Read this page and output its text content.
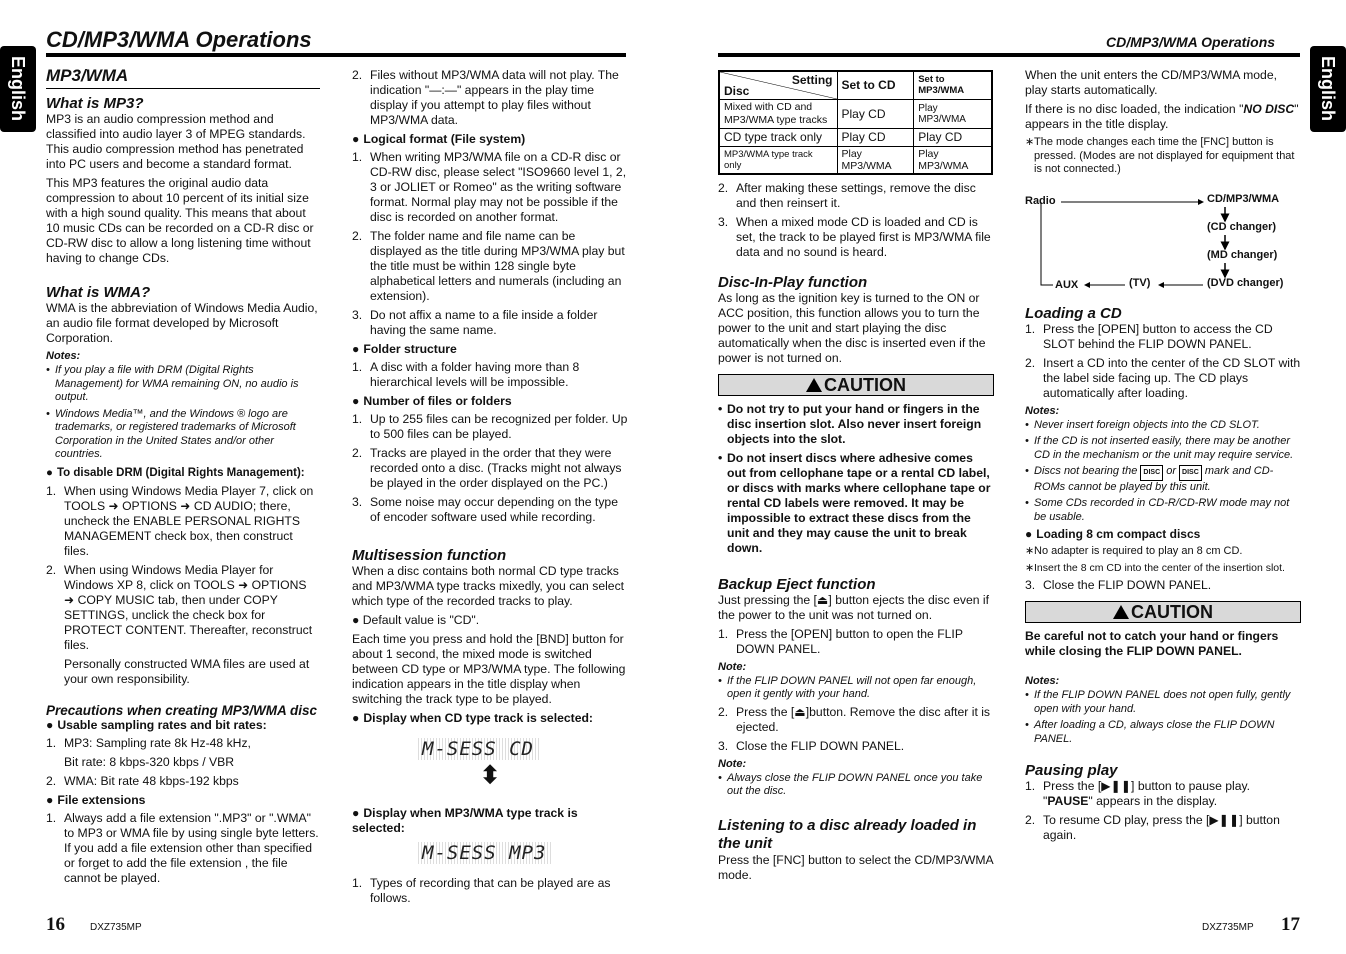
English	English
CD/MP3/WMA Operations	CD/MP3/WMA Operations
MP3/WMA
What is MP3?

MP3 is an audio compression method and classified into audio layer 3 of MPEG standards. This audio compression method has penetrated into PC users and become a standard format.

This MP3 features the original audio data compression to about 10 percent of its initial size with a high sound quality. This means that about 10 music CDs can be recorded on a CD-R disc or CD-RW disc to allow a long listening time without having to change CDs.

What is WMA?

WMA is the abbreviation of Windows Media Audio, an audio file format developed by Microsoft Corporation.

Notes:
• If you play a file with DRM (Digital Rights Management) for WMA remaining ON, no audio is output.
• Windows Media™, and the Windows ® logo are trademarks, or registered trademarks of Microsoft Corporation in the United States and/or other countries.
● To disable DRM (Digital Rights Management):
1. When using Windows Media Player 7, click on TOOLS ➜ OPTIONS ➜ CD AUDIO; there, uncheck the ENABLE PERSONAL RIGHTS MANAGEMENT check box, then construct files.
2. When using Windows Media Player for Windows XP 8, click on TOOLS ➜ OPTIONS ➜ COPY MUSIC tab, then under COPY SETTINGS, unclick the check box for PROTECT CONTENT. Thereafter, reconstruct files.
Personally constructed WMA files are used at your own responsibility.
Precautions when creating MP3/WMA disc
● Usable sampling rates and bit rates:
1. MP3: Sampling rate 8k Hz-48 kHz,
Bit rate: 8 kbps-320 kbps / VBR
2. WMA: Bit rate 48 kbps-192 kbps
● File extensions
1. Always add a file extension ".MP3" or ".WMA" to MP3 or WMA file by using single byte letters. If you add a file extension other than specified or forget to add the file extension , the file cannot be played.
16	DXZ735MP
2. Files without MP3/WMA data will not play. The indication "—:—" appears in the play time display if you attempt to play files without MP3/WMA data.
● Logical format (File system)
1. When writing MP3/WMA file on a CD-R disc or CD-RW disc, please select "ISO9660 level 1, 2, 3 or JOLIET or Romeo" as the writing software format. Normal play may not be possible if the disc is recorded on another format.
2. The folder name and file name can be displayed as the title during MP3/WMA play but the title must be within 128 single byte alphabetical letters and numerals (including an extension).
3. Do not affix a name to a file inside a folder having the same name.
● Folder structure
1. A disc with a folder having more than 8 hierarchical levels will be impossible.
● Number of files or folders
1. Up to 255 files can be recognized per folder. Up to 500 files can be played.
2. Tracks are played in the order that they were recorded onto a disc. (Tracks might not always be played in the order displayed on the PC.)
3. Some noise may occur depending on the type of encoder software used while recording.
Multisession function

When a disc contains both normal CD type tracks and MP3/WMA type tracks mixedly, you can select which type of the recorded tracks to play.

● Default value is "CD".

Each time you press and hold the [BND] button for about 1 second, the mixed mode is switched between CD type or MP3/WMA type. The following indication appears in the title display when switching the track type to be played.

● Display when CD type track is selected:
M-SESS CD
⬍
● Display when MP3/WMA type track is selected:
M-SESS MP3
1. Types of recording that can be played are as follows.
Setting
Disc	Set to CD	Set to MP3/WMA
Mixed with CD and MP3/WMA type tracks	Play CD	Play MP3/WMA
CD type track only	Play CD	Play CD
MP3/WMA type track only	Play MP3/WMA	Play MP3/WMA
2. After making these settings, remove the disc and then reinsert it.
3. When a mixed mode CD is loaded and CD is set, the track to be played first is MP3/WMA file data and no sound is heard.
Disc-In-Play function

As long as the ignition key is turned to the ON or ACC position, this function allows you to turn the power to the unit and start playing the disc automatically when the disc is inserted even if the power is not turned on.

CAUTION
• Do not try to put your hand or fingers in the disc insertion slot. Also never insert foreign objects into the slot.
• Do not insert discs where adhesive comes out from cellophane tape or a rental CD label, or discs with marks where cellophane tape or rental CD labels were removed. It may be impossible to extract these discs from the unit and they may cause the unit to break down.
Backup Eject function

Just pressing the [⏏] button ejects the disc even if the power to the unit was not turned on.

1. Press the [OPEN] button to open the FLIP DOWN PANEL.
Note:
• If the FLIP DOWN PANEL will not open far enough, open it gently with your hand.
2. Press the [⏏]button. Remove the disc after it is ejected.
3. Close the FLIP DOWN PANEL.
Note:
• Always close the FLIP DOWN PANEL once you take out the disc.
Listening to a disc already loaded in the unit

Press the [FNC] button to select the CD/MP3/WMA mode.

When the unit enters the CD/MP3/WMA mode, play starts automatically.

If there is no disc loaded, the indication "NO DISC" appears in the title display.

∗ The mode changes each time the [FNC] button is pressed. (Modes are not displayed for equipment that is not connected.)
Radio	CD/MP3/WMA
(CD changer)
(MD changer)
(DVD changer)
(TV)
AUX
Loading a CD
1. Press the [OPEN] button to access the CD SLOT behind the FLIP DOWN PANEL.
2. Insert a CD into the center of the CD SLOT with the label side facing up. The CD plays automatically after loading.
Notes:
• Never insert foreign objects into the CD SLOT.
• If the CD is not inserted easily, there may be another CD in the mechanism or the unit may require service.
• Discs not bearing the DISC or DISC mark and CD-ROMs cannot be played by this unit.
• Some CDs recorded in CD-R/CD-RW mode may not be usable.
● Loading 8 cm compact discs
∗ No adapter is required to play an 8 cm CD.
∗ Insert the 8 cm CD into the center of the insertion slot.
3. Close the FLIP DOWN PANEL.
CAUTION

Be careful not to catch your hand or fingers while closing the FLIP DOWN PANEL.

Notes:
• If the FLIP DOWN PANEL does not open fully, gently open with your hand.
• After loading a CD, always close the FLIP DOWN PANEL.
Pausing play
1. Press the [▶❚❚] button to pause play. "PAUSE" appears in the display.
2. To resume CD play, press the [▶❚❚] button again.
DXZ735MP 17
